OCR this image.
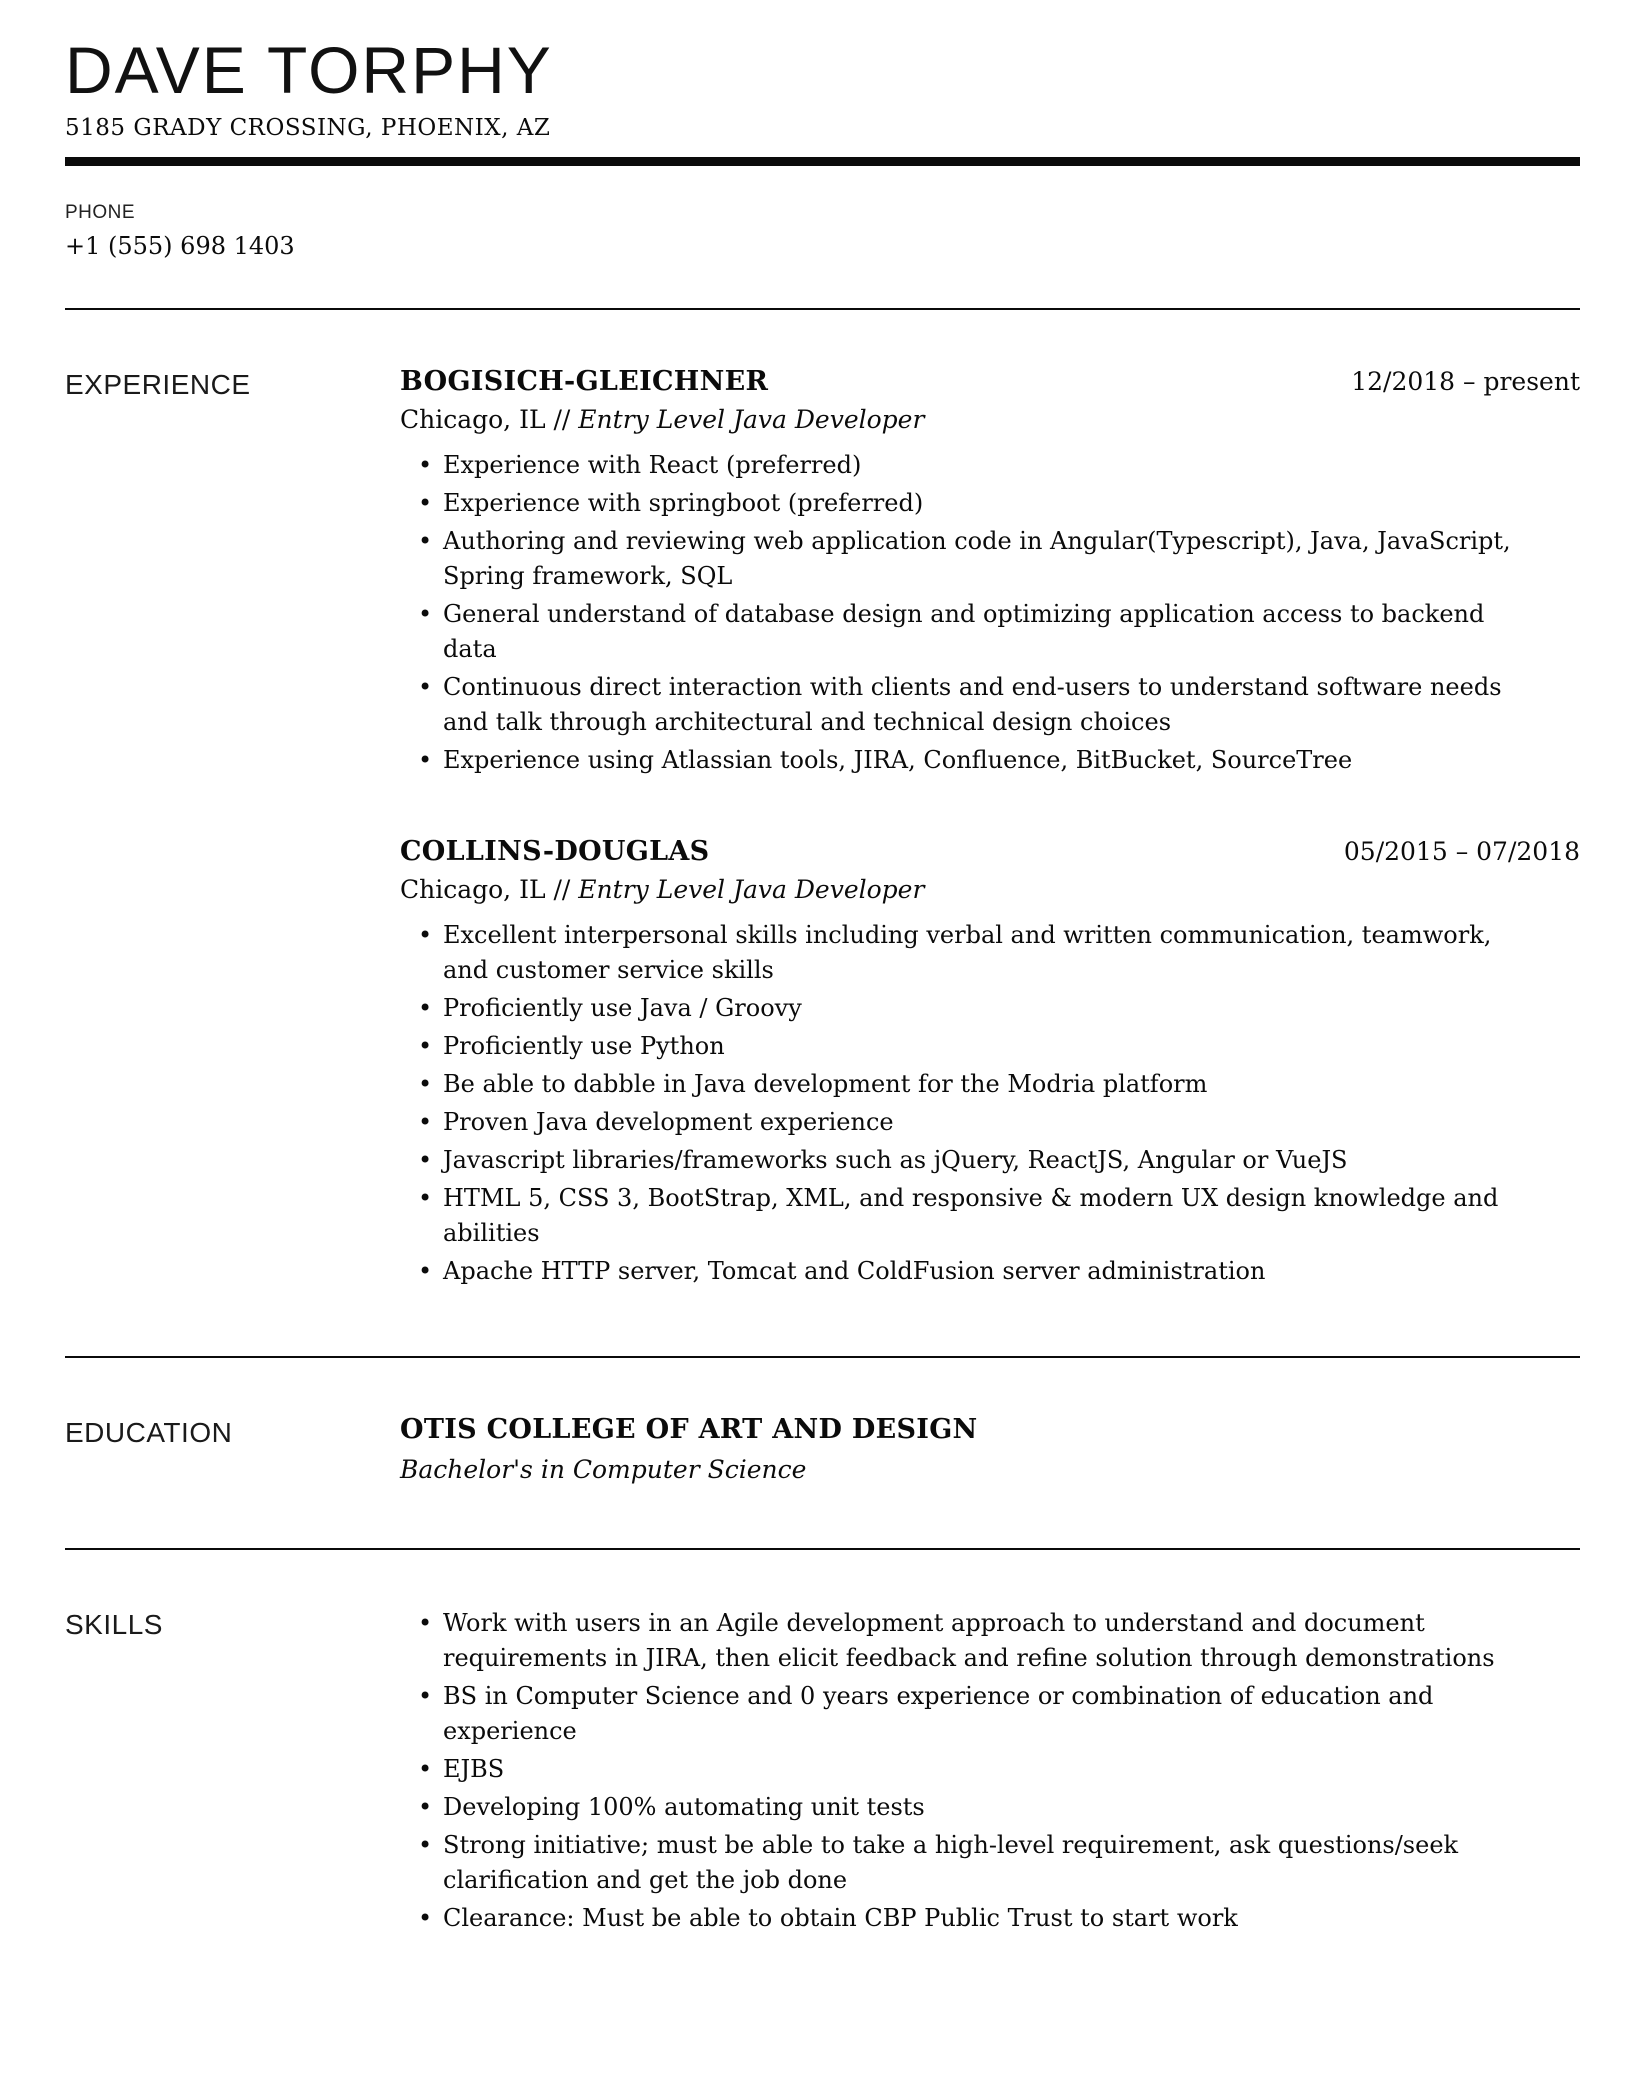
DAVE TORPHY
5185 GRADY CROSSING, PHOENIX, AZ
PHONE
+1 (555) 698 1403
EXPERIENCE	BOGISICH-GLEICHNER	12/2018 – present
Chicago, IL // Entry Level Java Developer
• Experience with React (preferred)
• Experience with springboot (preferred)
• Authoring and reviewing web application code in Angular(Typescript), Java, JavaScript, Spring framework, SQL
• General understand of database design and optimizing application access to backend data
• Continuous direct interaction with clients and end-users to understand software needs and talk through architectural and technical design choices
• Experience using Atlassian tools, JIRA, Confluence, BitBucket, SourceTree
COLLINS-DOUGLAS	05/2015 – 07/2018
Chicago, IL // Entry Level Java Developer
• Excellent interpersonal skills including verbal and written communication, teamwork, and customer service skills
• Proficiently use Java / Groovy
• Proficiently use Python
• Be able to dabble in Java development for the Modria platform
• Proven Java development experience
• Javascript libraries/frameworks such as jQuery, ReactJS, Angular or VueJS
• HTML 5, CSS 3, BootStrap, XML, and responsive & modern UX design knowledge and abilities
• Apache HTTP server, Tomcat and ColdFusion server administration
EDUCATION	OTIS COLLEGE OF ART AND DESIGN
Bachelor's in Computer Science
SKILLS	• Work with users in an Agile development approach to understand and document requirements in JIRA, then elicit feedback and refine solution through demonstrations
• BS in Computer Science and 0 years experience or combination of education and experience
• EJBS
• Developing 100% automating unit tests
• Strong initiative; must be able to take a high-level requirement, ask questions/seek clarification and get the job done
• Clearance: Must be able to obtain CBP Public Trust to start work
